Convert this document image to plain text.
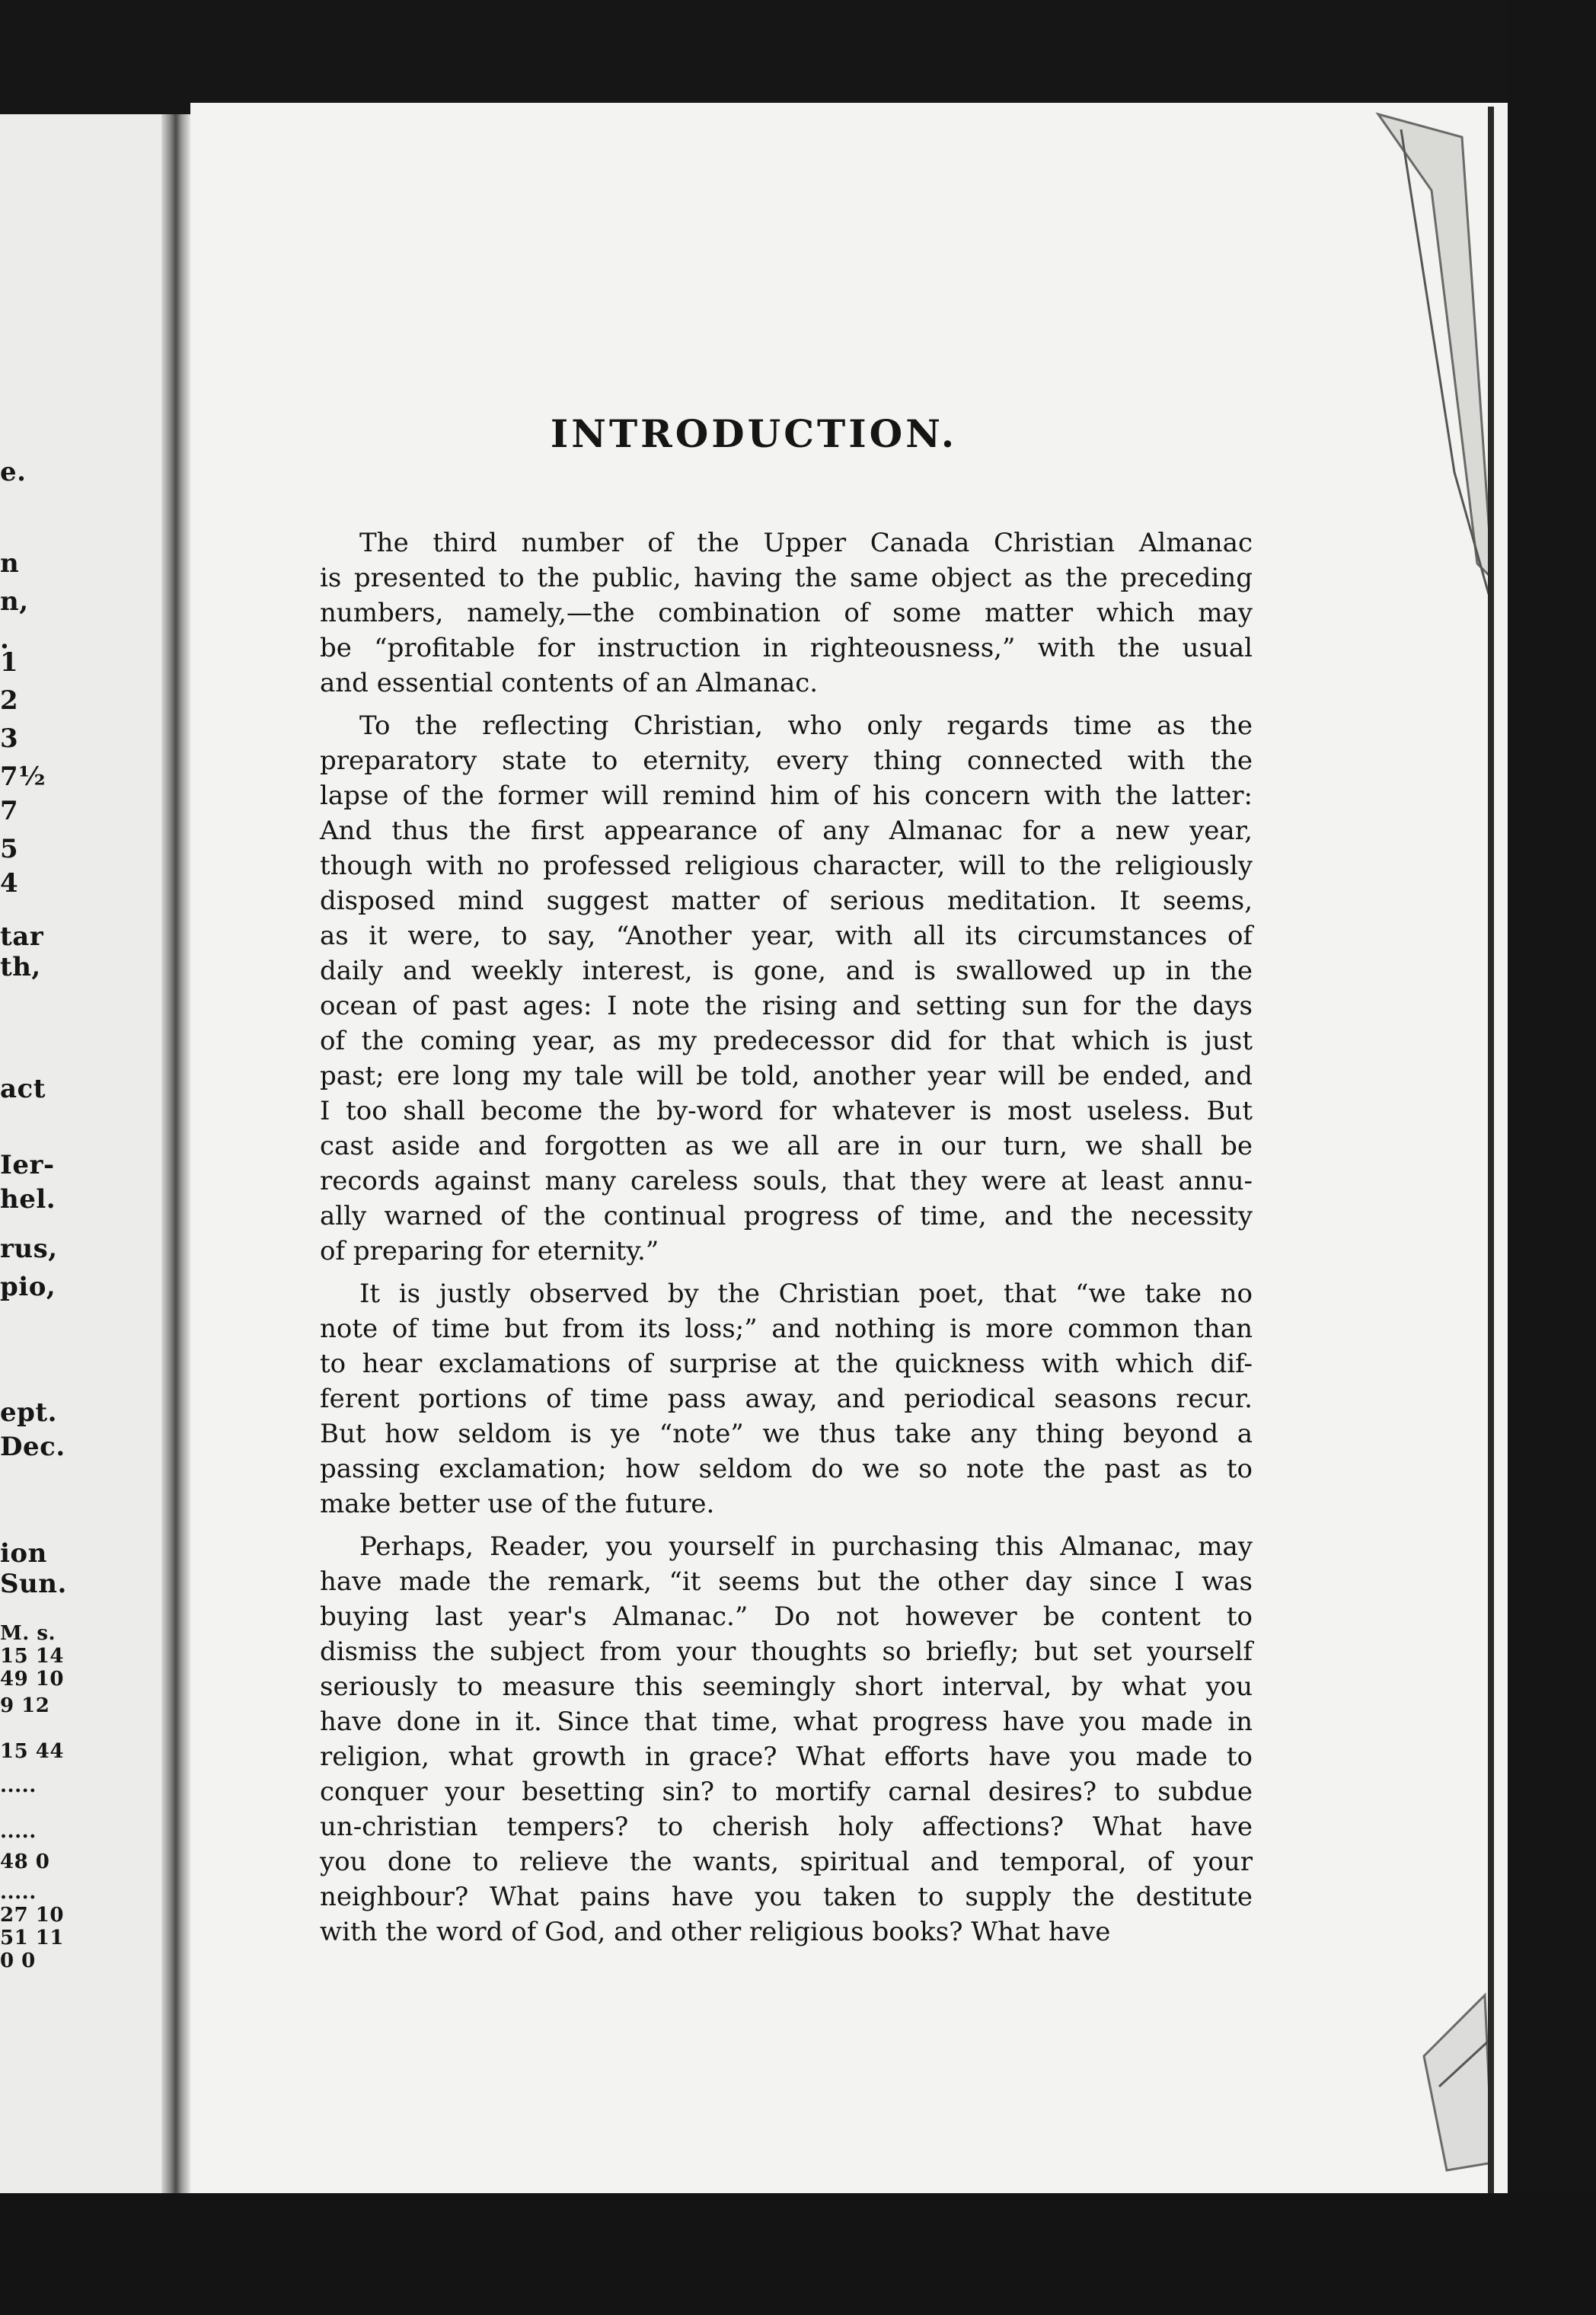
e.
n
n,
.
1
2
3
7½
7
5
4
tar
th,
act
Ier-
hel.
rus,
pio,
ept.
Dec.
ion
Sun.
M. s.
15 14
49 10
9 12
15 44
.....
.....
48 0
.....
27 10
51 11
0 0
INTRODUCTION.
The third number of the Upper Canada Christian Almanac
is presented to the public, having the same object as the preceding
numbers, namely,—the combination of some matter which may
be “profitable for instruction in righteousness,” with the usual
and essential contents of an Almanac.
To the reflecting Christian, who only regards time as the
preparatory state to eternity, every thing connected with the
lapse of the former will remind him of his concern with the latter:
And thus the first appearance of any Almanac for a new year,
though with no professed religious character, will to the religiously
disposed mind suggest matter of serious meditation. It seems,
as it were, to say, “Another year, with all its circumstances of
daily and weekly interest, is gone, and is swallowed up in the
ocean of past ages: I note the rising and setting sun for the days
of the coming year, as my predecessor did for that which is just
past; ere long my tale will be told, another year will be ended, and
I too shall become the by-word for whatever is most useless. But
cast aside and forgotten as we all are in our turn, we shall be
records against many careless souls, that they were at least annu-
ally warned of the continual progress of time, and the necessity
of preparing for eternity.”
It is justly observed by the Christian poet, that “we take no
note of time but from its loss;” and nothing is more common than
to hear exclamations of surprise at the quickness with which dif-
ferent portions of time pass away, and periodical seasons recur.
But how seldom is ye “note” we thus take any thing beyond a
passing exclamation; how seldom do we so note the past as to
make better use of the future.
Perhaps, Reader, you yourself in purchasing this Almanac, may
have made the remark, “it seems but the other day since I was
buying last year's Almanac.” Do not however be content to
dismiss the subject from your thoughts so briefly; but set yourself
seriously to measure this seemingly short interval, by what you
have done in it. Since that time, what progress have you made in
religion, what growth in grace? What efforts have you made to
conquer your besetting sin? to mortify carnal desires? to subdue
un-christian tempers? to cherish holy affections? What have
you done to relieve the wants, spiritual and temporal, of your
neighbour? What pains have you taken to supply the destitute
with the word of God, and other religious books? What have
